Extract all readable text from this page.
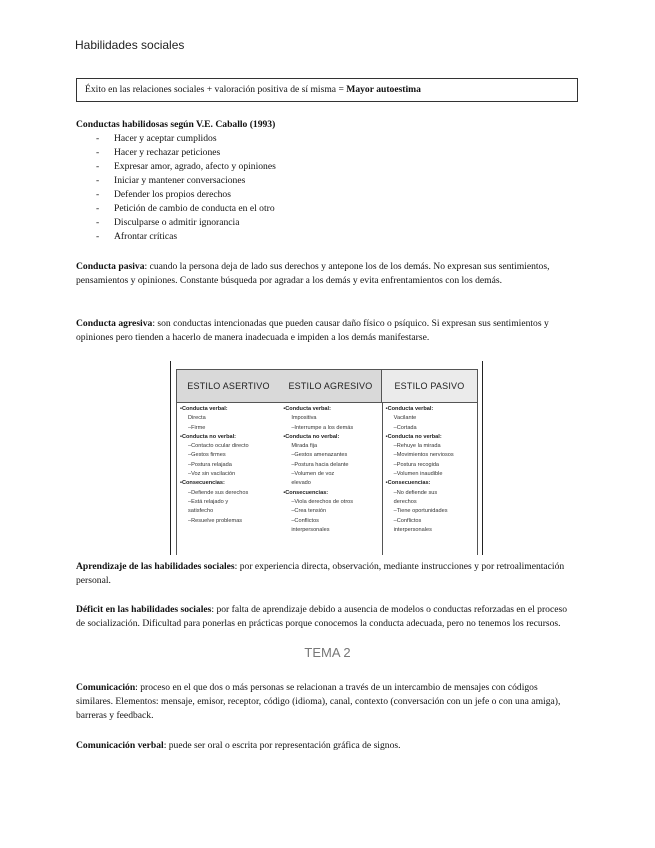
Habilidades sociales
Éxito en las relaciones sociales + valoración positiva de sí misma = Mayor autoestima
Conductas habilidosas según V.E. Caballo (1993)
- Hacer y aceptar cumplidos
- Hacer y rechazar peticiones
- Expresar amor, agrado, afecto y opiniones
- Iniciar y mantener conversaciones
- Defender los propios derechos
- Petición de cambio de conducta en el otro
- Disculparse o admitir ignorancia
- Afrontar críticas
Conducta pasiva: cuando la persona deja de lado sus derechos y antepone los de los demás. No expresan sus sentimientos, pensamientos y opiniones. Constante búsqueda por agradar a los demás y evita enfrentamientos con los demás.
Conducta agresiva: son conductas intencionadas que pueden causar daño físico o psíquico. Si expresan sus sentimientos y opiniones pero tienden a hacerlo de manera inadecuada e impiden a los demás manifestarse.
ESTILO ASERTIVO	ESTILO AGRESIVO	ESTILO PASIVO
•Conducta verbal:
Directa
–Firme
•Conducta no verbal:
–Contacto ocular directo
–Gestos firmes
–Postura relajada
–Voz sin vacilación
•Consecuencias:
–Defiende sus derechos
–Está relajado y
satisfecho
–Resuelve problemas
•Conducta verbal:
Impositiva
–Interrumpe a los demás
•Conducta no verbal:
Mirada fija
–Gestos amenazantes
–Postura hacia delante
–Volumen de voz
elevado
•Consecuencias:
–Viola derechos de otros
–Crea tensión
–Conflictos
interpersonales
•Conducta verbal:
Vacilante
–Cortada
•Conducta no verbal:
–Rehuye la mirada
–Movimientos nerviosos
–Postura recogida
–Volumen inaudible
•Consecuencias:
–No defiende sus
derechos
–Tiene oportunidades
–Conflictos
interpersonales
Aprendizaje de las habilidades sociales: por experiencia directa, observación, mediante instrucciones y por retroalimentación personal.
Déficit en las habilidades sociales: por falta de aprendizaje debido a ausencia de modelos o conductas reforzadas en el proceso de socialización. Dificultad para ponerlas en prácticas porque conocemos la conducta adecuada, pero no tenemos los recursos.
TEMA 2
Comunicación: proceso en el que dos o más personas se relacionan a través de un intercambio de mensajes con códigos similares. Elementos: mensaje, emisor, receptor, código (idioma), canal, contexto (conversación con un jefe o con una amiga), barreras y feedback.
Comunicación verbal: puede ser oral o escrita por representación gráfica de signos.
